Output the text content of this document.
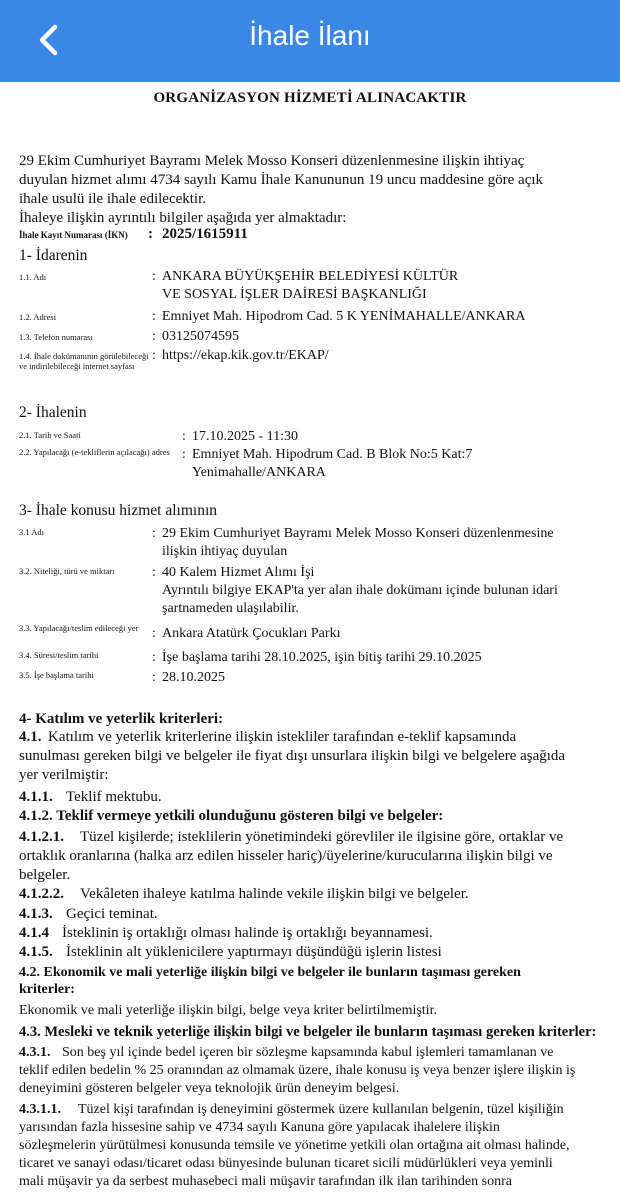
İhale İlanı
ORGANİZASYON HİZMETİ ALINACAKTIR
29 Ekim Cumhuriyet Bayramı Melek Mosso Konseri düzenlenmesine ilişkin ihtiyaç
duyulan hizmet alımı 4734 sayılı Kamu İhale Kanununun 19 uncu maddesine göre açık
ihale usulü ile ihale edilecektir.
İhaleye ilişkin ayrıntılı bilgiler aşağıda yer almaktadır:
İhale Kayıt Numarası (İKN) : 2025/1615911
1- İdarenin
1.1. Adı	: ANKARA BÜYÜKŞEHİR BELEDİYESİ KÜLTÜR VE SOSYAL İŞLER DAİRESİ BAŞKANLIĞI
1.2. Adresi	: Emniyet Mah. Hipodrom Cad. 5 K YENİMAHALLE/ANKARA
1.3. Telefon numarası	: 03125074595
1.4. İhale dokümanının görülebileceği ve indirilebileceği internet sayfası
: https://ekap.kik.gov.tr/EKAP/
2- İhalenin
2.1. Tarih ve Saati	: 17.10.2025 - 11:30
2.2. Yapılacağı (e-tekliflerin açılacağı) adres : Emniyet Mah. Hipodrum Cad. B Blok No:5 Kat:7 Yenimahalle/ANKARA
3- İhale konusu hizmet alımının
3.1 Adı	: 29 Ekim Cumhuriyet Bayramı Melek Mosso Konseri düzenlenmesine ilişkin ihtiyaç duyulan
3.2. Niteliği, türü ve miktarı	: 40 Kalem Hizmet Alımı İşi
Ayrıntılı bilgiye EKAP'ta yer alan ihale dokümanı içinde bulunan idari şartnameden ulaşılabilir.
3.3. Yapılacağı/teslim edileceği yer : Ankara Atatürk Çocukları Parkı
3.4. Süresi/teslim tarihi	: İşe başlama tarihi 28.10.2025, işin bitiş tarihi 29.10.2025
3.5. İşe başlama tarihi	: 28.10.2025
4- Katılım ve yeterlik kriterleri:
4.1. Katılım ve yeterlik kriterlerine ilişkin istekliler tarafından e-teklif kapsamında
sunulması gereken bilgi ve belgeler ile fiyat dışı unsurlara ilişkin bilgi ve belgelere aşağıda
yer verilmiştir:
4.1.1. Teklif mektubu.
4.1.2. Teklif vermeye yetkili olunduğunu gösteren bilgi ve belgeler:
4.1.2.1. Tüzel kişilerde; isteklilerin yönetimindeki görevliler ile ilgisine göre, ortaklar ve
ortaklık oranlarına (halka arz edilen hisseler hariç)/üyelerine/kurucularına ilişkin bilgi ve
belgeler.
4.1.2.2. Vekâleten ihaleye katılma halinde vekile ilişkin bilgi ve belgeler.
4.1.3. Geçici teminat.
4.1.4 İsteklinin iş ortaklığı olması halinde iş ortaklığı beyannamesi.
4.1.5. İsteklinin alt yüklenicilere yaptırmayı düşündüğü işlerin listesi
4.2. Ekonomik ve mali yeterliğe ilişkin bilgi ve belgeler ile bunların taşıması gereken
kriterler:
Ekonomik ve mali yeterliğe ilişkin bilgi, belge veya kriter belirtilmemiştir.
4.3. Mesleki ve teknik yeterliğe ilişkin bilgi ve belgeler ile bunların taşıması gereken kriterler:
4.3.1. Son beş yıl içinde bedel içeren bir sözleşme kapsamında kabul işlemleri tamamlanan ve
teklif edilen bedelin % 25 oranından az olmamak üzere, ihale konusu iş veya benzer işlere ilişkin iş
deneyimini gösteren belgeler veya teknolojik ürün deneyim belgesi.
4.3.1.1. Tüzel kişi tarafından iş deneyimini göstermek üzere kullanılan belgenin, tüzel kişiliğin
yarısından fazla hissesine sahip ve 4734 sayılı Kanuna göre yapılacak ihalelere ilişkin
sözleşmelerin yürütülmesi konusunda temsile ve yönetime yetkili olan ortağına ait olması halinde,
ticaret ve sanayi odası/ticaret odası bünyesinde bulunan ticaret sicili müdürlükleri veya yeminli
mali müşavir ya da serbest muhasebeci mali müşavir tarafından ilk ilan tarihinden sonra
